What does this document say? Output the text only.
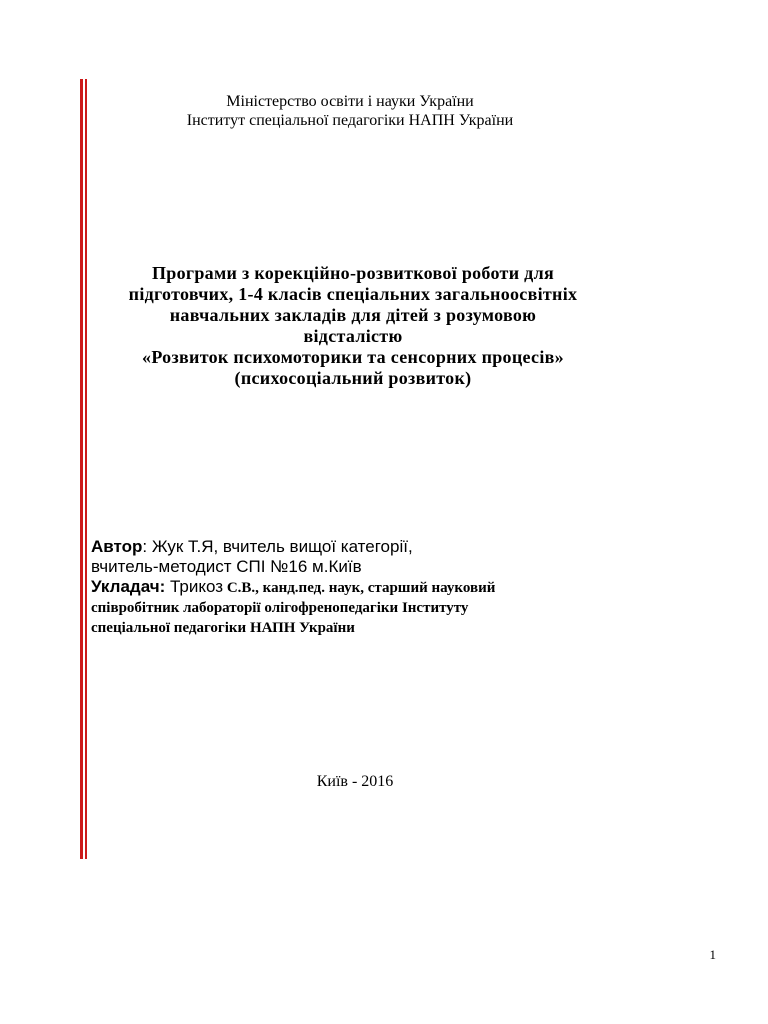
Міністерство освіти і науки України
Інститут спеціальної педагогіки НАПН України
Програми з корекційно-розвиткової роботи для
підготовчих, 1-4 класів спеціальних загальноосвітніх
навчальних закладів для дітей з розумовою
відсталістю
«Розвиток психомоторики та сенсорних процесів»
(психосоціальний розвиток)
Автор: Жук Т.Я, вчитель вищої категорії,
вчитель-методист СПІ №16 м.Київ
Укладач: Трикоз С.В., канд.пед. наук, старший науковий
співробітник лабораторії олігофренопедагіки Інституту
спеціальної педагогіки НАПН України
Київ - 2016
1
